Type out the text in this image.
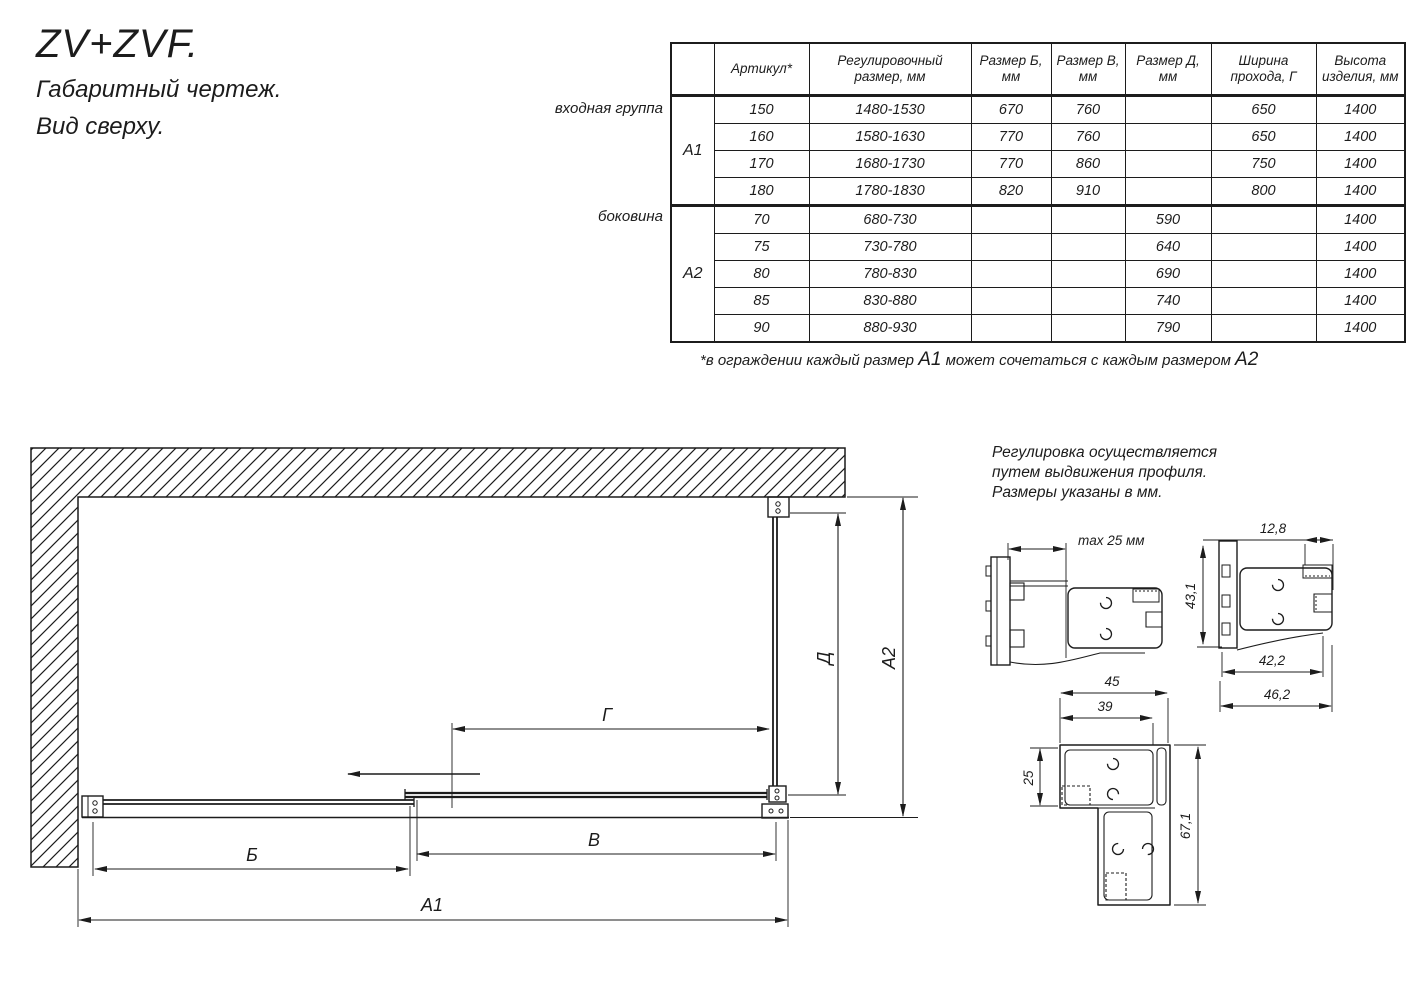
ZV+ZVF.
Габаритный чертеж.
Вид сверху.
входная группа
боковина
	Артикул*	Регулировочный размер, мм	Размер Б, мм	Размер В, мм	Размер Д, мм	Ширина прохода, Г	Высота изделия, мм
А1	150	1480-1530	670	760		650	1400
	160	1580-1630	770	760		650	1400
	170	1680-1730	770	860		750	1400
	180	1780-1830	820	910		800	1400
А2	70	680-730			590		1400
	75	730-780			640		1400
	80	780-830			690		1400
	85	830-880			740		1400
	90	880-930			790		1400
*в ограждении каждый размер А1 может сочетаться с каждым размером А2
Б
В
А1
Г
Д	А2
Регулировка осуществляется
путем выдвижения профиля.
Размеры указаны в мм.
max 25 мм
12,8
43,1
42,2
46,2
45
39
25
67,1
